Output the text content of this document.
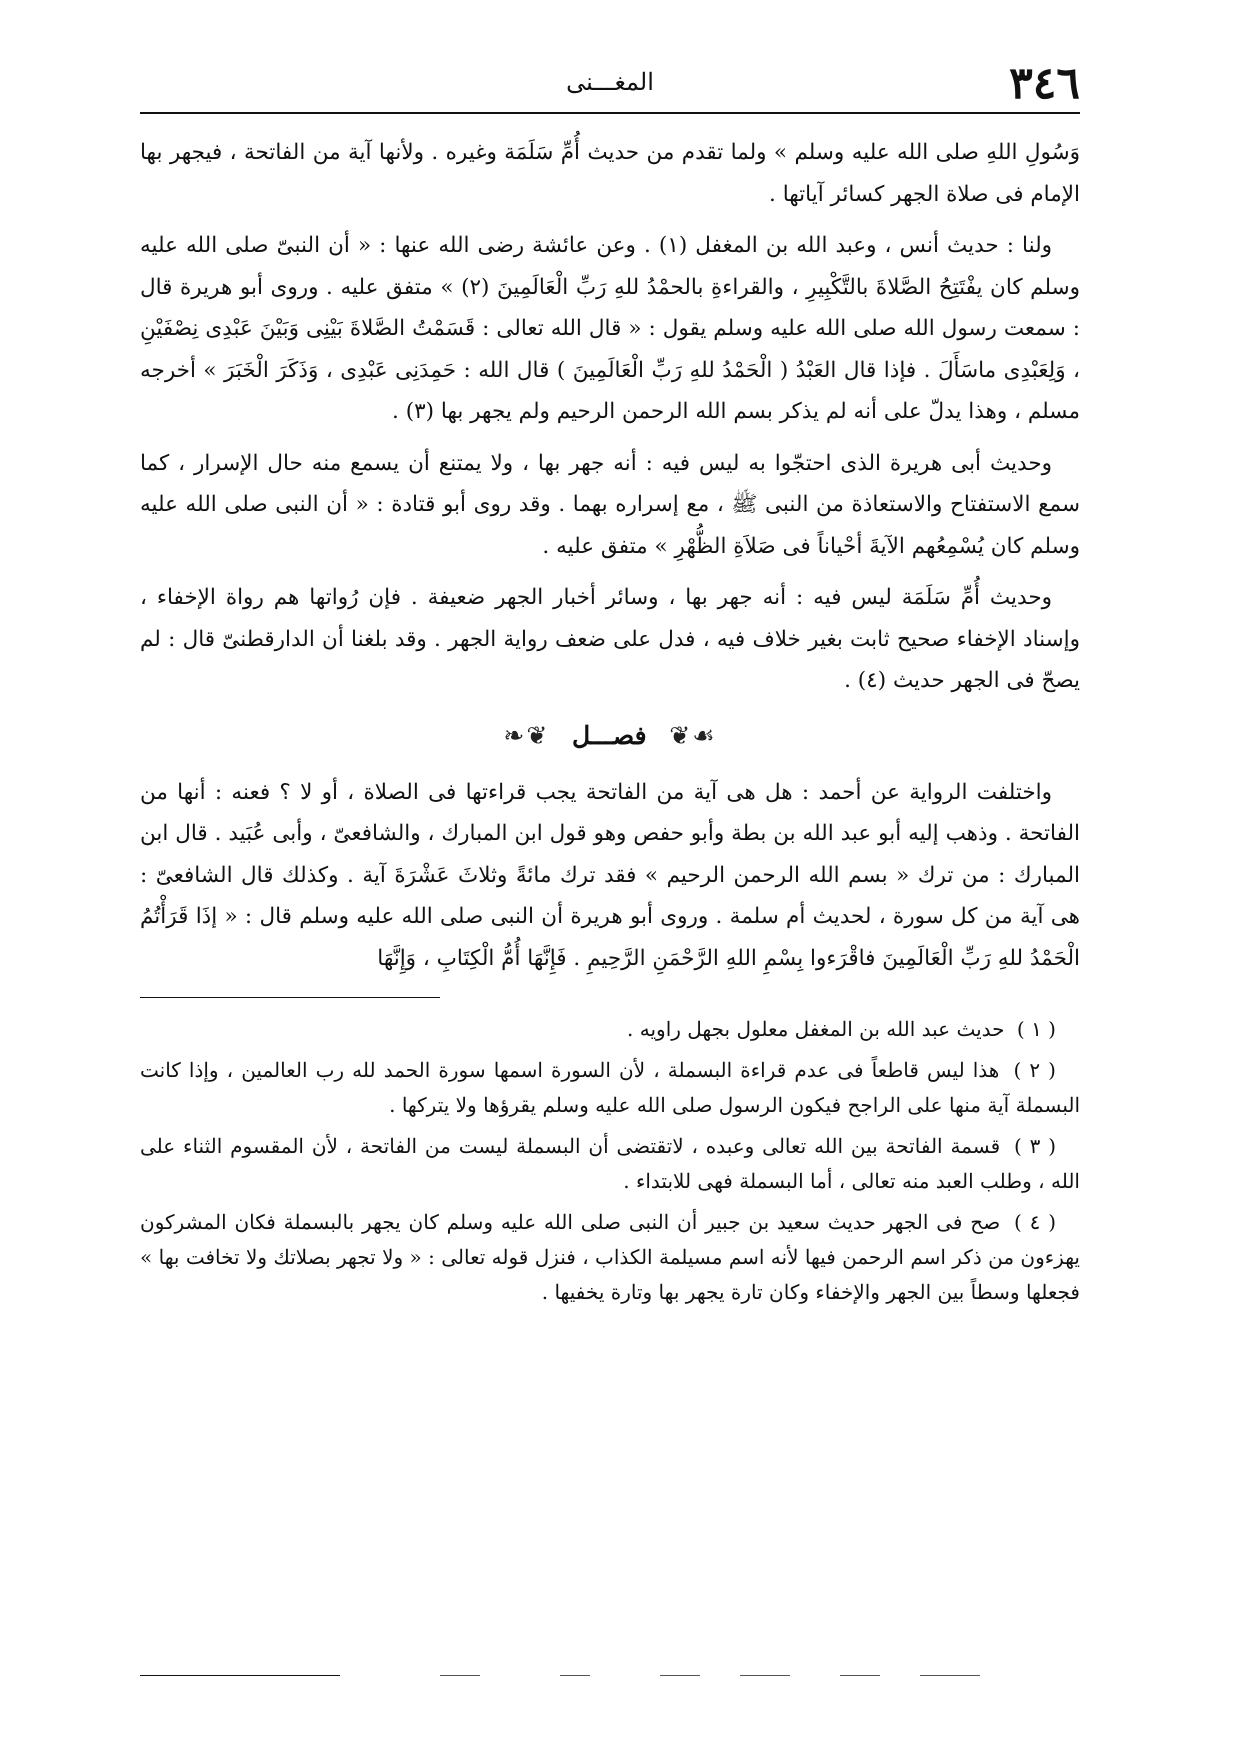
٣٤٦
المغـــنى

وَسُولِ اللهِ صلى الله عليه وسلم » ولما تقدم من حديث أُمِّ سَلَمَة وغيره . ولأنها آية من الفاتحة ، فيجهر بها الإمام فى صلاة الجهر كسائر آياتها .

ولنا : حديث أنس ، وعبد الله بن المغفل (١) . وعن عائشة رضى الله عنها : « أن النبىّ صلى الله عليه وسلم كان يفْتَتِحُ الصَّلاةَ بالتَّكْبِيرِ ، والقراءةِ بالحمْدُ للهِ رَبِّ الْعَالَمِينَ (٢) » متفق عليه . وروى أبو هريرة قال : سمعت رسول الله صلى الله عليه وسلم يقول : « قال الله تعالى : قَسَمْتُ الصَّلاةَ بَيْنِى وَبَيْنَ عَبْدِى نِصْفَيْنِ ، وَلِعَبْدِى ماسَأَلَ . فإذا قال العَبْدُ ( الْحَمْدُ للهِ رَبِّ الْعَالَمِينَ ) قال الله : حَمِدَنِى عَبْدِى ، وَذَكَرَ الْخَبَرَ » أخرجه مسلم ، وهذا يدلّ على أنه لم يذكر بسم الله الرحمن الرحيم ولم يجهر بها (٣) .

وحديث أبى هريرة الذى احتجّوا به ليس فيه : أنه جهر بها ، ولا يمتنع أن يسمع منه حال الإسرار ، كما سمع الاستفتاح والاستعاذة من النبى ﷺ ، مع إسراره بهما . وقد روى أبو قتادة : « أن النبى صلى الله عليه وسلم كان يُسْمِعُهم الآيةَ أحْياناً فى صَلاَةِ الظُّهْرِ » متفق عليه .

وحديث أُمِّ سَلَمَة ليس فيه : أنه جهر بها ، وسائر أخبار الجهر ضعيفة . فإن رُواتها هم رواة الإخفاء ، وإسناد الإخفاء صحيح ثابت بغير خلاف فيه ، فدل على ضعف رواية الجهر . وقد بلغنا أن الدارقطنىّ قال : لم يصحّ فى الجهر حديث (٤) .

☙❦ فصـــل ❦❧

واختلفت الرواية عن أحمد : هل هى آية من الفاتحة يجب قراءتها فى الصلاة ، أو لا ؟ فعنه : أنها من الفاتحة . وذهب إليه أبو عبد الله بن بطة وأبو حفص وهو قول ابن المبارك ، والشافعىّ ، وأبى عُبَيد . قال ابن المبارك : من ترك « بسم الله الرحمن الرحيم » فقد ترك مائةً وثلاثَ عَشْرَةَ آية . وكذلك قال الشافعىّ : هى آية من كل سورة ، لحديث أم سلمة . وروى أبو هريرة أن النبى صلى الله عليه وسلم قال : « إذَا قَرَأْتُمُ الْحَمْدُ للهِ رَبِّ الْعَالَمِينَ فاقْرَءوا بِسْمِ اللهِ الرَّحْمَنِ الرَّحِيمِ . فَإِنَّهَا أُمُّ الْكِتَابِ ، وَإِنَّهَا

( ١ ) حديث عبد الله بن المغفل معلول بجهل راويه .

( ٢ ) هذا ليس قاطعاً فى عدم قراءة البسملة ، لأن السورة اسمها سورة الحمد لله رب العالمين ، وإذا كانت البسملة آية منها على الراجح فيكون الرسول صلى الله عليه وسلم يقرؤها ولا يتركها .

( ٣ ) قسمة الفاتحة بين الله تعالى وعبده ، لاتقتضى أن البسملة ليست من الفاتحة ، لأن المقسوم الثناء على الله ، وطلب العبد منه تعالى ، أما البسملة فهى للابتداء .

( ٤ ) صح فى الجهر حديث سعيد بن جبير أن النبى صلى الله عليه وسلم كان يجهر بالبسملة فكان المشركون يهزءون من ذكر اسم الرحمن فيها لأنه اسم مسيلمة الكذاب ، فنزل قوله تعالى : « ولا تجهر بصلاتك ولا تخافت بها » فجعلها وسطاً بين الجهر والإخفاء وكان تارة يجهر بها وتارة يخفيها .
